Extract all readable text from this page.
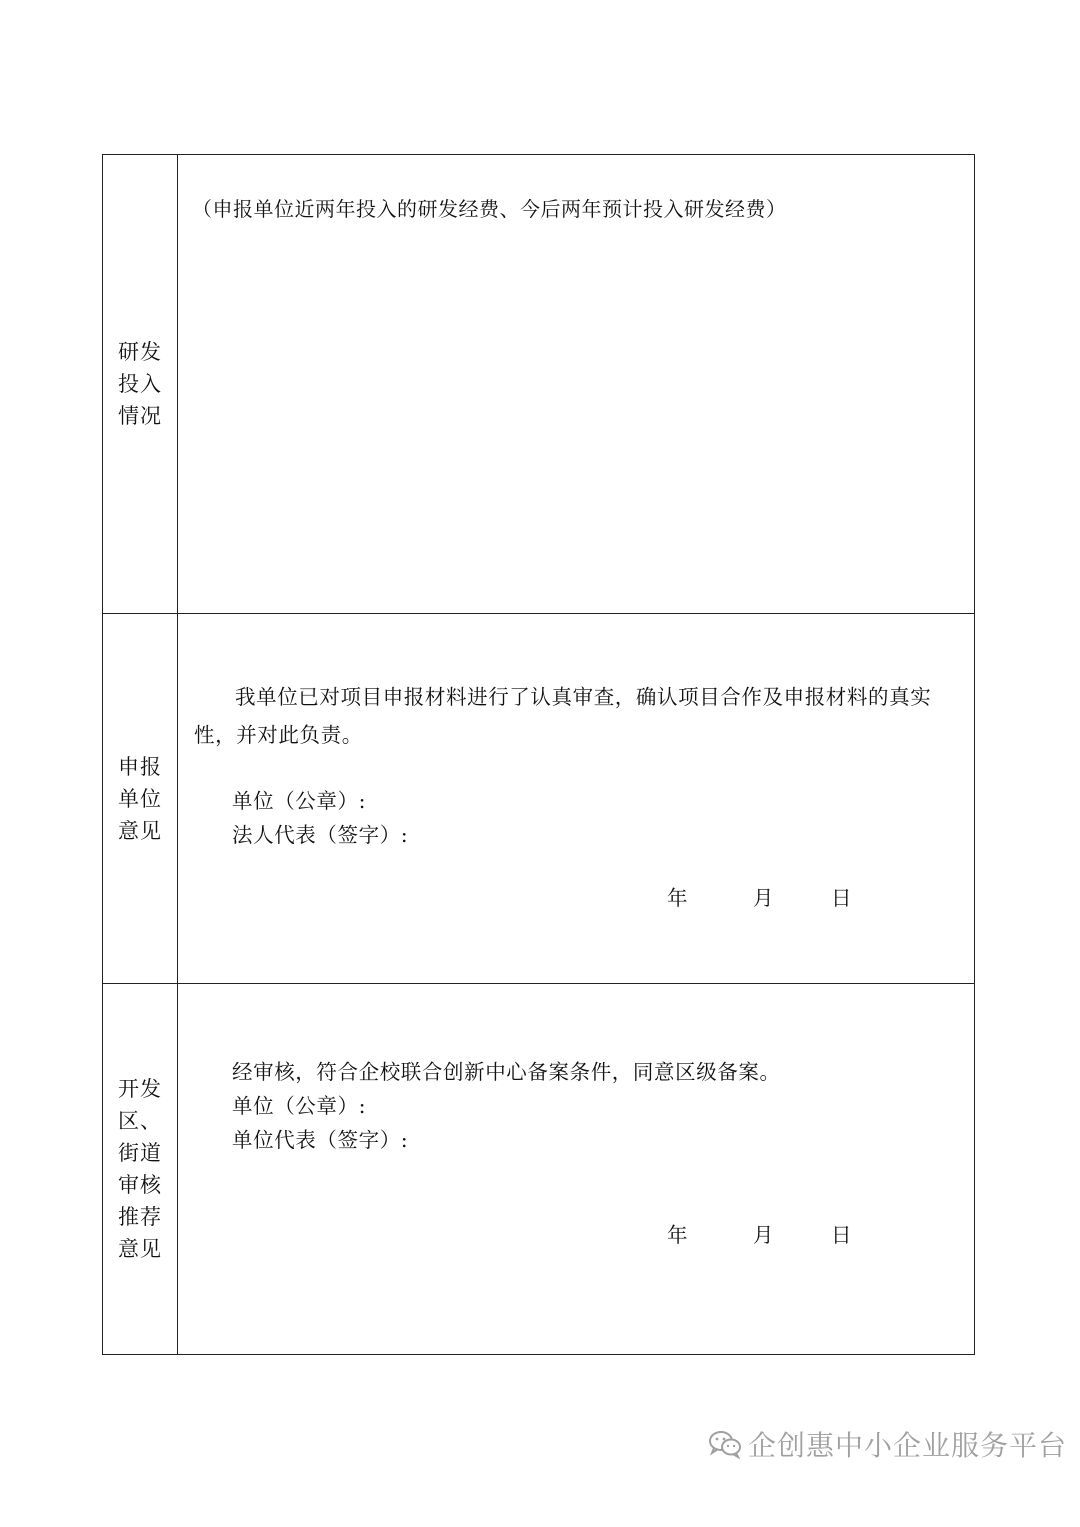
研发投入情况
（申报单位近两年投入的研发经费、今后两年预计投入研发经费）
申报单位意见
我单位已对项目申报材料进行了认真审查，确认项目合作及申报材料的真实性，并对此负责。
单位（公章）:
法人代表（签字）:
年	月	日
开发区、街道审核推荐意见
经审核，符合企校联合创新中心备案条件，同意区级备案。
单位（公章）:
单位代表（签字）:
年	月	日
企创惠中小企业服务平台
